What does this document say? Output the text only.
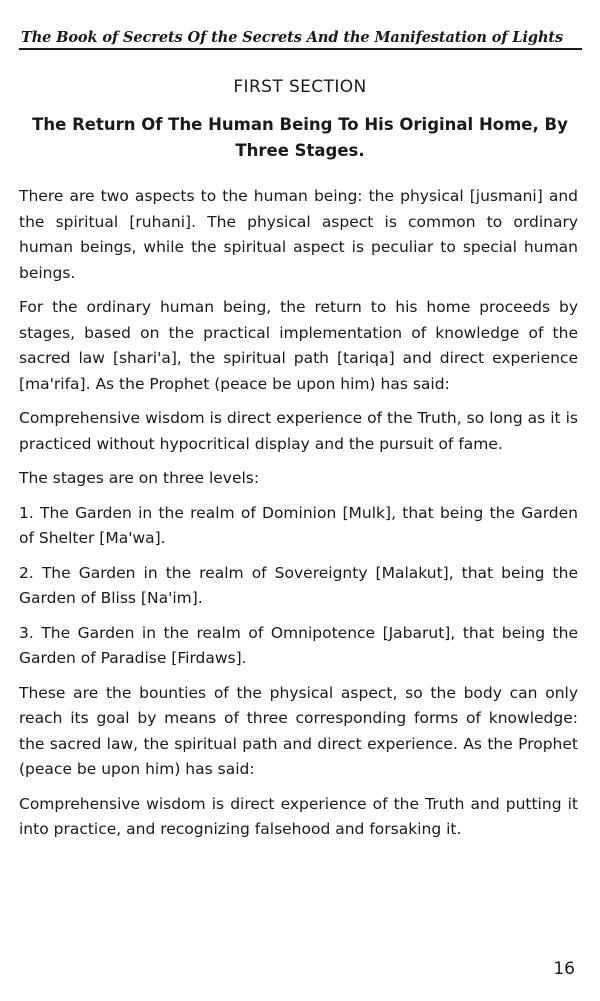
The Book of Secrets Of the Secrets And the Manifestation of Lights
FIRST SECTION
The Return Of The Human Being To His Original Home, By Three Stages.

There are two aspects to the human being: the physical [jusmani] and the spiritual [ruhani]. The physical aspect is common to ordinary human beings, while the spiritual aspect is peculiar to special human beings.

For the ordinary human being, the return to his home proceeds by stages, based on the practical implementation of knowledge of the sacred law [shari'a], the spiritual path [tariqa] and direct experience [ma'rifa]. As the Prophet (peace be upon him) has said:

Comprehensive wisdom is direct experience of the Truth, so long as it is practiced without hypocritical display and the pursuit of fame.

The stages are on three levels:

1. The Garden in the realm of Dominion [Mulk], that being the Garden of Shelter [Ma'wa].

2. The Garden in the realm of Sovereignty [Malakut], that being the Garden of Bliss [Na'im].

3. The Garden in the realm of Omnipotence [Jabarut], that being the Garden of Paradise [Firdaws].

These are the bounties of the physical aspect, so the body can only reach its goal by means of three corresponding forms of knowledge: the sacred law, the spiritual path and direct experience. As the Prophet (peace be upon him) has said:

Comprehensive wisdom is direct experience of the Truth and putting it into practice, and recognizing falsehood and forsaking it.

16
